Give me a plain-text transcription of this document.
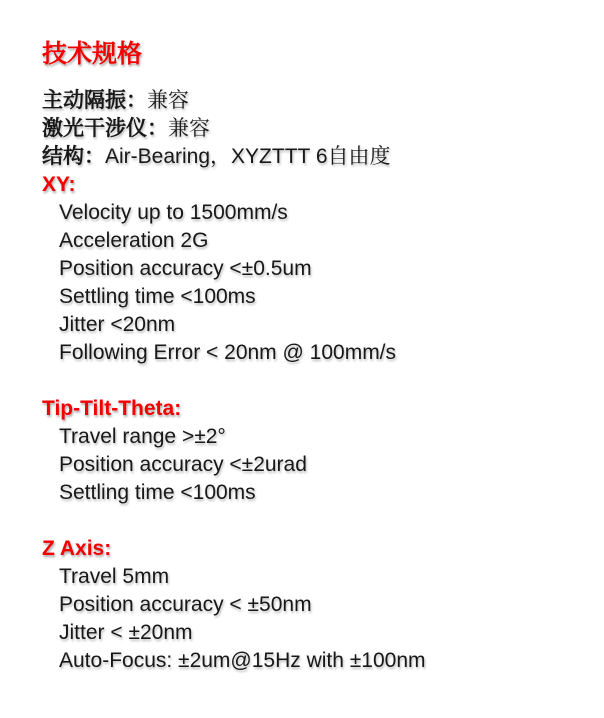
技术规格
主动隔振：兼容
激光干涉仪：兼容
结构：Air-Bearing，XYZTTT 6自由度
XY:
Velocity up to 1500mm/s
Acceleration 2G
Position accuracy <±0.5um
Settling time <100ms
Jitter <20nm
Following Error < 20nm @ 100mm/s
Tip-Tilt-Theta:
Travel range >±2°
Position accuracy <±2urad
Settling time <100ms
Z Axis:
Travel 5mm
Position accuracy < ±50nm
Jitter < ±20nm
Auto-Focus: ±2um@15Hz with ±100nm
